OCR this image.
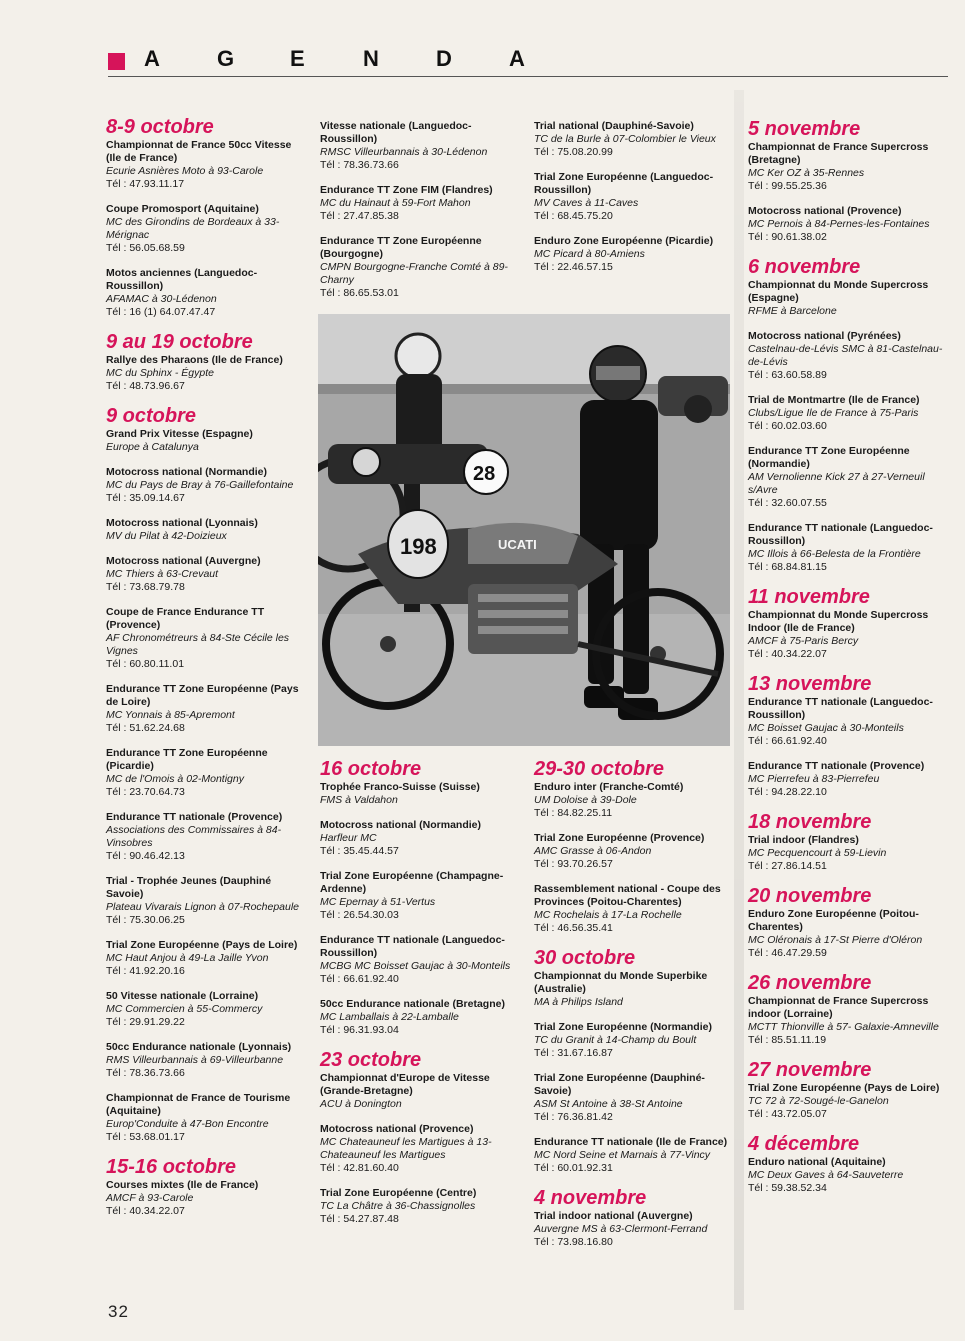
A	G	E	N	D	A
8-9 octobre
Championnat de France 50cc Vitesse (Ile de France)
Ecurie Asnières Moto à 93-Carole
Tél : 47.93.11.17
Coupe Promosport (Aquitaine)
MC des Girondins de Bordeaux à 33-Mérignac
Tél : 56.05.68.59
Motos anciennes (Languedoc-Roussillon)
AFAMAC à 30-Lédenon
Tél : 16 (1) 64.07.47.47
9 au 19 octobre
Rallye des Pharaons (Ile de France)
MC du Sphinx - Égypte
Tél : 48.73.96.67
9 octobre
Grand Prix Vitesse (Espagne)
Europe à Catalunya
Motocross national (Normandie)
MC du Pays de Bray à 76-Gaillefontaine
Tél : 35.09.14.67
Motocross national (Lyonnais)
MV du Pilat à 42-Doizieux
Motocross national (Auvergne)
MC Thiers à 63-Crevaut
Tél : 73.68.79.78
Coupe de France Endurance TT (Provence)
AF Chronométreurs à 84-Ste Cécile les Vignes
Tél : 60.80.11.01
Endurance TT Zone Européenne (Pays de Loire)
MC Yonnais à 85-Apremont
Tél : 51.62.24.68
Endurance TT Zone Européenne (Picardie)
MC de l'Omois à 02-Montigny
Tél : 23.70.64.73
Endurance TT nationale (Provence)
Associations des Commissaires à 84-Vinsobres
Tél : 90.46.42.13
Trial - Trophée Jeunes (Dauphiné Savoie)
Plateau Vivarais Lignon à 07-Rochepaule
Tél : 75.30.06.25
Trial Zone Européenne (Pays de Loire)
MC Haut Anjou à 49-La Jaille Yvon
Tél : 41.92.20.16
50 Vitesse nationale (Lorraine)
MC Commercien à 55-Commercy
Tél : 29.91.29.22
50cc Endurance nationale (Lyonnais)
RMS Villeurbannais à 69-Villeurbanne
Tél : 78.36.73.66
Championnat de France de Tourisme (Aquitaine)
Europ'Conduite à 47-Bon Encontre
Tél : 53.68.01.17
15-16 octobre
Courses mixtes (Ile de France)
AMCF à 93-Carole
Tél : 40.34.22.07
Vitesse nationale (Languedoc-Roussillon)
RMSC Villeurbannais à 30-Lédenon
Tél : 78.36.73.66
Endurance TT Zone FIM (Flandres)
MC du Hainaut à 59-Fort Mahon
Tél : 27.47.85.38
Endurance TT Zone Européenne (Bourgogne)
CMPN Bourgogne-Franche Comté à 89-Charny
Tél : 86.65.53.01
Trial national (Dauphiné-Savoie)
TC de la Burle à 07-Colombier le Vieux
Tél : 75.08.20.99
Trial Zone Européenne (Languedoc-Roussillon)
MV Caves à 11-Caves
Tél : 68.45.75.20
Enduro Zone Européenne (Picardie)
MC Picard à 80-Amiens
Tél : 22.46.57.15
28
UCATI
198
16 octobre
Trophée Franco-Suisse (Suisse)
FMS à Valdahon
Motocross national (Normandie)
Harfleur MC
Tél : 35.45.44.57
Trial Zone Européenne (Champagne-Ardenne)
MC Epernay à 51-Vertus
Tél : 26.54.30.03
Endurance TT nationale (Languedoc-Roussillon)
MCBG MC Boisset Gaujac à 30-Monteils
Tél : 66.61.92.40
50cc Endurance nationale (Bretagne)
MC Lamballais à 22-Lamballe
Tél : 96.31.93.04
23 octobre
Championnat d'Europe de Vitesse (Grande-Bretagne)
ACU à Donington
Motocross national (Provence)
MC Chateauneuf les Martigues à 13-Chateauneuf les Martigues
Tél : 42.81.60.40
Trial Zone Européenne (Centre)
TC La Châtre à 36-Chassignolles
Tél : 54.27.87.48
29-30 octobre
Enduro inter (Franche-Comté)
UM Doloise à 39-Dole
Tél : 84.82.25.11
Trial Zone Européenne (Provence)
AMC Grasse à 06-Andon
Tél : 93.70.26.57
Rassemblement national - Coupe des Provinces (Poitou-Charentes)
MC Rochelais à 17-La Rochelle
Tél : 46.56.35.41
30 octobre
Championnat du Monde Superbike (Australie)
MA à Philips Island
Trial Zone Européenne (Normandie)
TC du Granit à 14-Champ du Boult
Tél : 31.67.16.87
Trial Zone Européenne (Dauphiné-Savoie)
ASM St Antoine à 38-St Antoine
Tél : 76.36.81.42
Endurance TT nationale (Ile de France)
MC Nord Seine et Marnais à 77-Vincy
Tél : 60.01.92.31
4 novembre
Trial indoor national (Auvergne)
Auvergne MS à 63-Clermont-Ferrand
Tél : 73.98.16.80
5 novembre
Championnat de France Supercross (Bretagne)
MC Ker OZ à 35-Rennes
Tél : 99.55.25.36
Motocross national (Provence)
MC Pernois à 84-Pernes-les-Fontaines
Tél : 90.61.38.02
6 novembre
Championnat du Monde Supercross (Espagne)
RFME à Barcelone
Motocross national (Pyrénées)
Castelnau-de-Lévis SMC à 81-Castelnau-de-Lévis
Tél : 63.60.58.89
Trial de Montmartre (Ile de France)
Clubs/Ligue Ile de France à 75-Paris
Tél : 60.02.03.60
Endurance TT Zone Européenne (Normandie)
AM Vernolienne Kick 27 à 27-Verneuil s/Avre
Tél : 32.60.07.55
Endurance TT nationale (Languedoc-Roussillon)
MC Illois à 66-Belesta de la Frontière
Tél : 68.84.81.15
11 novembre
Championnat du Monde Supercross Indoor (Ile de France)
AMCF à 75-Paris Bercy
Tél : 40.34.22.07
13 novembre
Endurance TT nationale (Languedoc-Roussillon)
MC Boisset Gaujac à 30-Monteils
Tél : 66.61.92.40
Endurance TT nationale (Provence)
MC Pierrefeu à 83-Pierrefeu
Tél : 94.28.22.10
18 novembre
Trial indoor (Flandres)
MC Pecquencourt à 59-Lievin
Tél : 27.86.14.51
20 novembre
Enduro Zone Européenne (Poitou-Charentes)
MC Oléronais à 17-St Pierre d'Oléron
Tél : 46.47.29.59
26 novembre
Championnat de France Supercross indoor (Lorraine)
MCTT Thionville à 57- Galaxie-Amneville
Tél : 85.51.11.19
27 novembre
Trial Zone Européenne (Pays de Loire)
TC 72 à 72-Sougé-le-Ganelon
Tél : 43.72.05.07
4 décembre
Enduro national (Aquitaine)
MC Deux Gaves à 64-Sauveterre
Tél : 59.38.52.34
32
